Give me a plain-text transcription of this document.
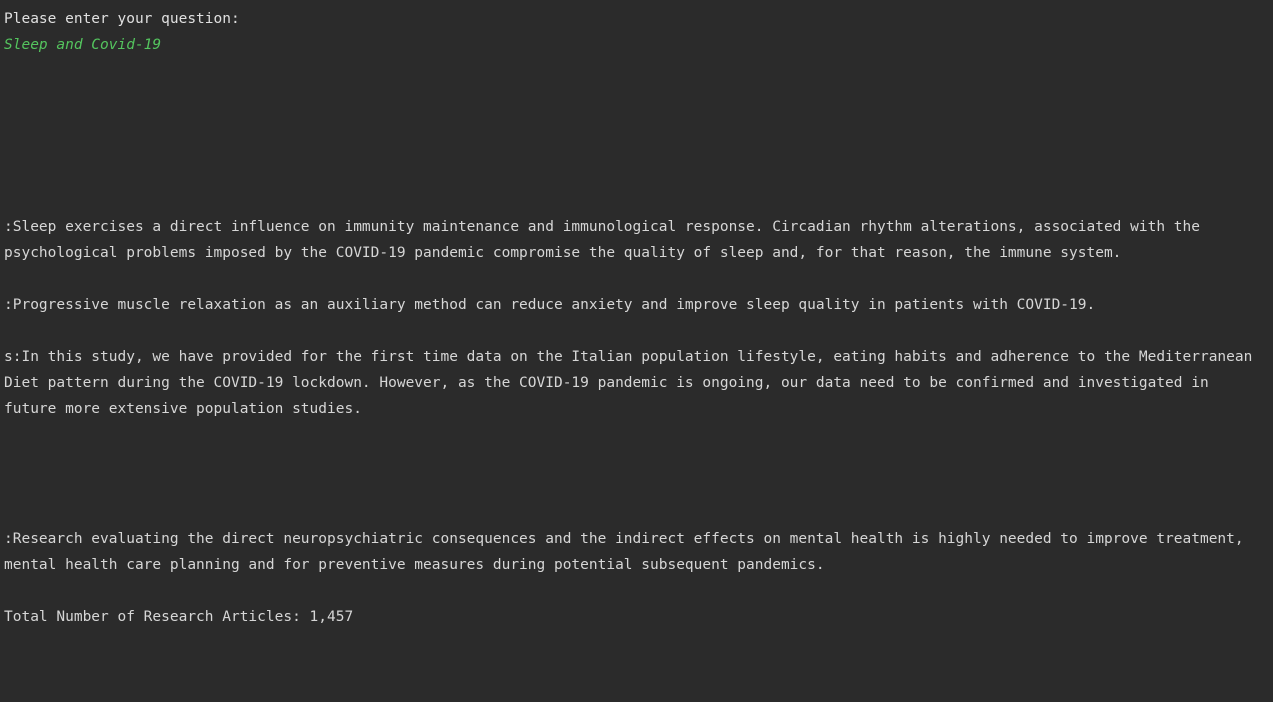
Please enter your question:
Sleep and Covid-19
:Sleep exercises a direct influence on immunity maintenance and immunological response. Circadian rhythm alterations, associated with the psychological problems imposed by the COVID-19 pandemic compromise the quality of sleep and, for that reason, the immune system.
:Progressive muscle relaxation as an auxiliary method can reduce anxiety and improve sleep quality in patients with COVID-19.
s:In this study, we have provided for the first time data on the Italian population lifestyle, eating habits and adherence to the Mediterranean Diet pattern during the COVID-19 lockdown. However, as the COVID-19 pandemic is ongoing, our data need to be confirmed and investigated in future more extensive population studies.
:Research evaluating the direct neuropsychiatric consequences and the indirect effects on mental health is highly needed to improve treatment, mental health care planning and for preventive measures during potential subsequent pandemics.
Total Number of Research Articles: 1,457
